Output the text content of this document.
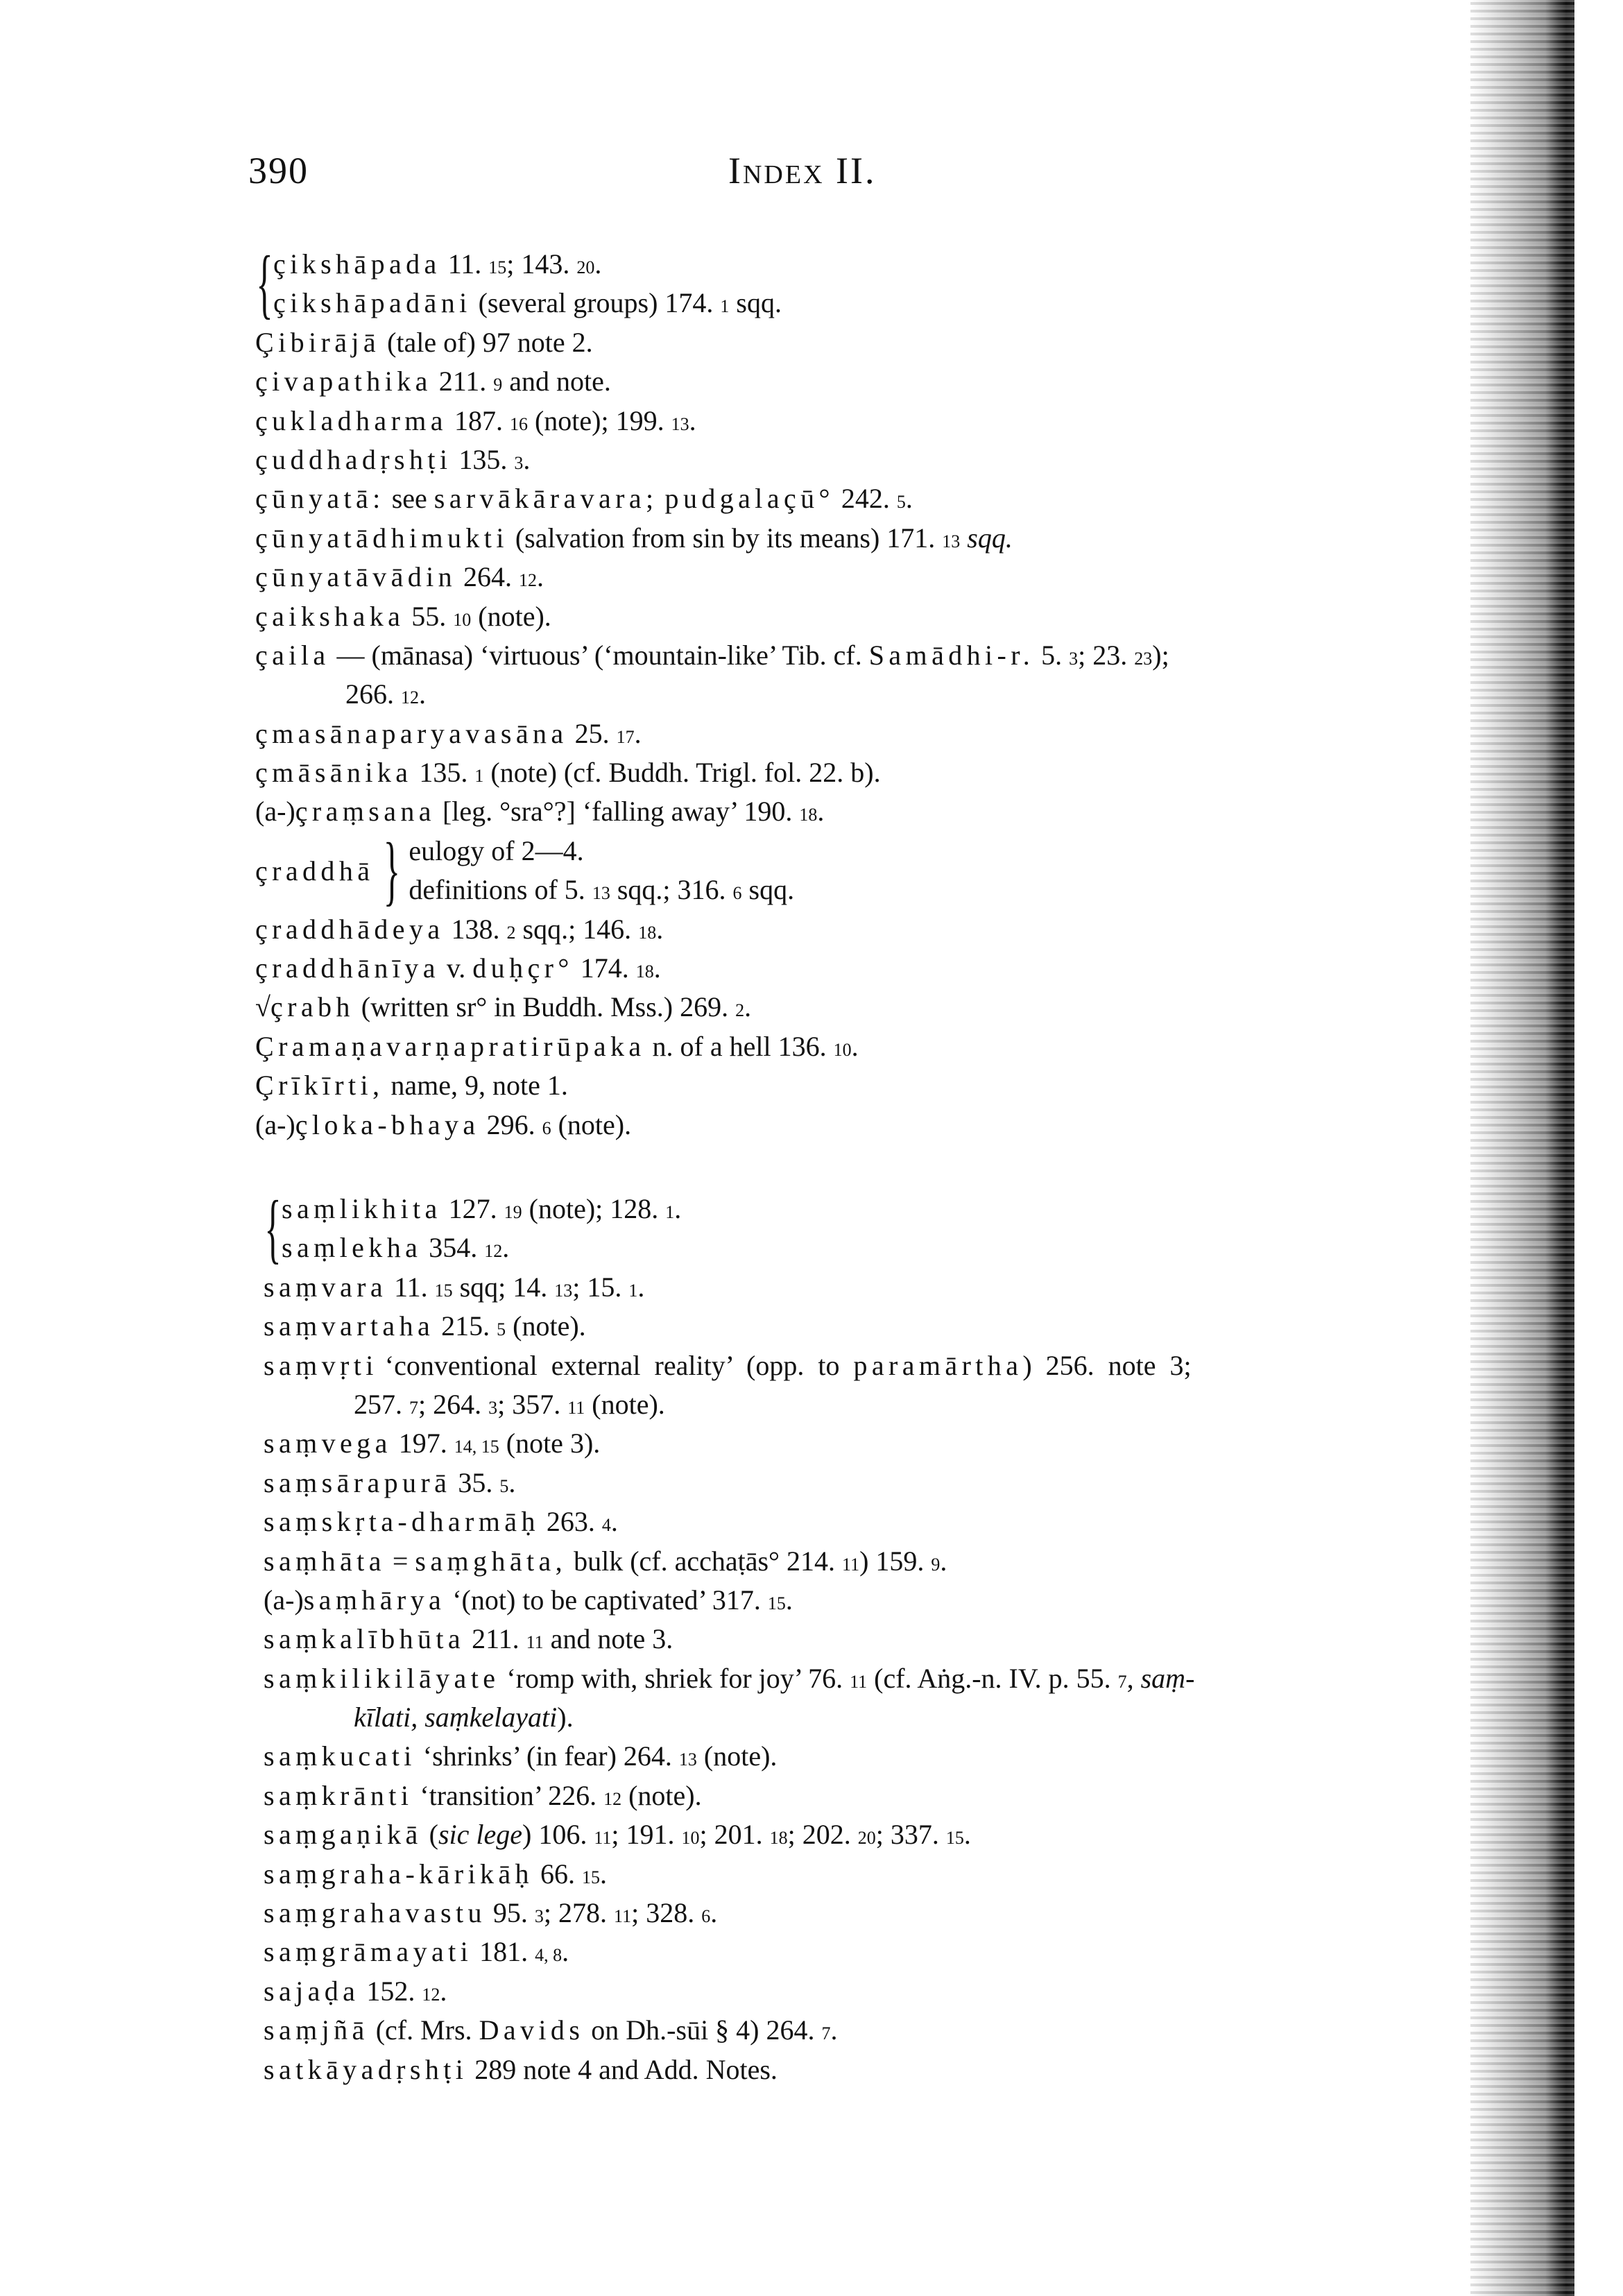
390	Index II.
{ çikshāpada 11. 15; 143. 20.
çikshāpadāni (several groups) 174. 1 sqq.
Çibirājā (tale of) 97 note 2.
çivapathika 211. 9 and note.
çukladharma 187. 16 (note); 199. 13.
çuddhadṛshṭi 135. 3.
çūnyatā: see sarvākāravara; pudgalaçū° 242. 5.
çūnyatādhimukti (salvation from sin by its means) 171. 13 sqq.
çūnyatāvādin 264. 12.
çaikshaka 55. 10 (note).
çaila — (mānasa) ‘virtuous’ (‘mountain-like’ Tib. cf. Samādhi-r. 5. 3; 23. 23);
266. 12.
çmasānaparyavasāna 25. 17.
çmāsānika 135. 1 (note) (cf. Buddh. Trigl. fol. 22. b).
(a-)çraṃsana [leg. °sra°?] ‘falling away’ 190. 18.
çraddhā } eulogy of 2—4.
definitions of 5. 13 sqq.; 316. 6 sqq.
çraddhādeya 138. 2 sqq.; 146. 18.
çraddhānīya v. duḥçr° 174. 18.
√çrabh (written sr° in Buddh. Mss.) 269. 2.
Çramaṇavarṇapratirūpaka n. of a hell 136. 10.
Çrīkīrti, name, 9, note 1.
(a-)çloka-bhaya 296. 6 (note).
{ saṃlikhita 127. 19 (note); 128. 1.
saṃlekha 354. 12.
saṃvara 11. 15 sqq; 14. 13; 15. 1.
saṃvartaha 215. 5 (note).
saṃvṛti ‘conventional  external  reality’  (opp.  to  paramārtha)  256.  note  3;
257. 7; 264. 3; 357. 11 (note).
saṃvega 197. 14, 15 (note 3).
saṃsārapurā 35. 5.
saṃskṛta-dharmāḥ 263. 4.
saṃhāta = saṃghāta, bulk (cf. acchaṭās° 214. 11) 159. 9.
(a-)saṃhārya ‘(not) to be captivated’ 317. 15.
saṃkalībhūta 211. 11 and note 3.
saṃkilikilāyate ‘romp with, shriek for joy’ 76. 11 (cf. Aṅg.-n. IV. p. 55. 7, saṃ-
kīlati, saṃkelayati).
saṃkucati ‘shrinks’ (in fear) 264. 13 (note).
saṃkrānti ‘transition’ 226. 12 (note).
saṃgaṇikā (sic lege) 106. 11; 191. 10; 201. 18; 202. 20; 337. 15.
saṃgraha-kārikāḥ 66. 15.
saṃgrahavastu 95. 3; 278. 11; 328. 6.
saṃgrāmayati 181. 4, 8.
sajaḍa 152. 12.
saṃjñā (cf. Mrs. Davids on Dh.-sūi § 4) 264. 7.
satkāyadṛshṭi 289 note 4 and Add. Notes.
